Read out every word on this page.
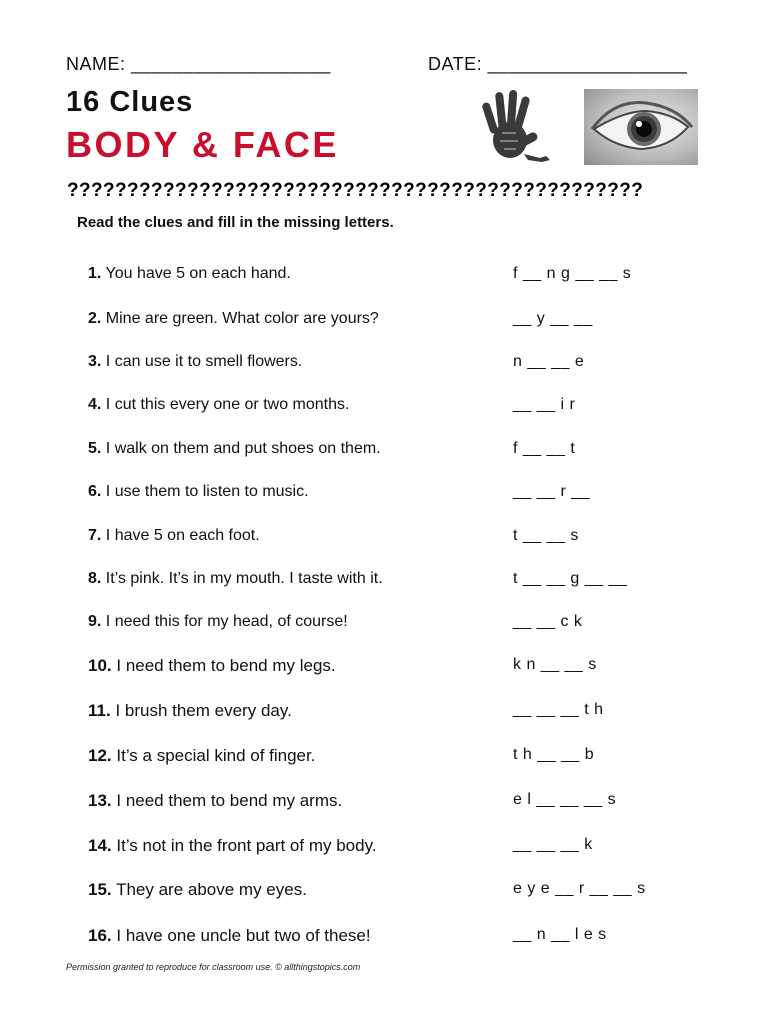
NAME: ___________________	DATE: ___________________
16 Clues
BODY & FACE
????????????????????????????????????????????????
Read the clues and fill in the missing letters.
1. You have 5 on each hand.	f __ n g __ __ s
2. Mine are green. What color are yours?	__ y __ __
3. I can use it to smell flowers.	n __ __ e
4. I cut this every one or two months.	__ __ i r
5. I walk on them and put shoes on them.	f __ __ t
6. I use them to listen to music.	__ __ r __
7. I have 5 on each foot.	t __ __ s
8. It’s pink. It’s in my mouth. I taste with it.	t __ __ g __ __
9. I need this for my head, of course!	__ __ c k
10. I need them to bend my legs.	k n __ __ s
11. I brush them every day.	__ __ __ t h
12. It’s a special kind of finger.	t h __ __ b
13. I need them to bend my arms.	e l __ __ __ s
14. It’s not in the front part of my body.	__ __ __ k
15. They are above my eyes.	e y e __ r __ __ s
16. I have one uncle but two of these!	__ n __ l e s
Permission granted to reproduce for classroom use. © allthingstopics.com
